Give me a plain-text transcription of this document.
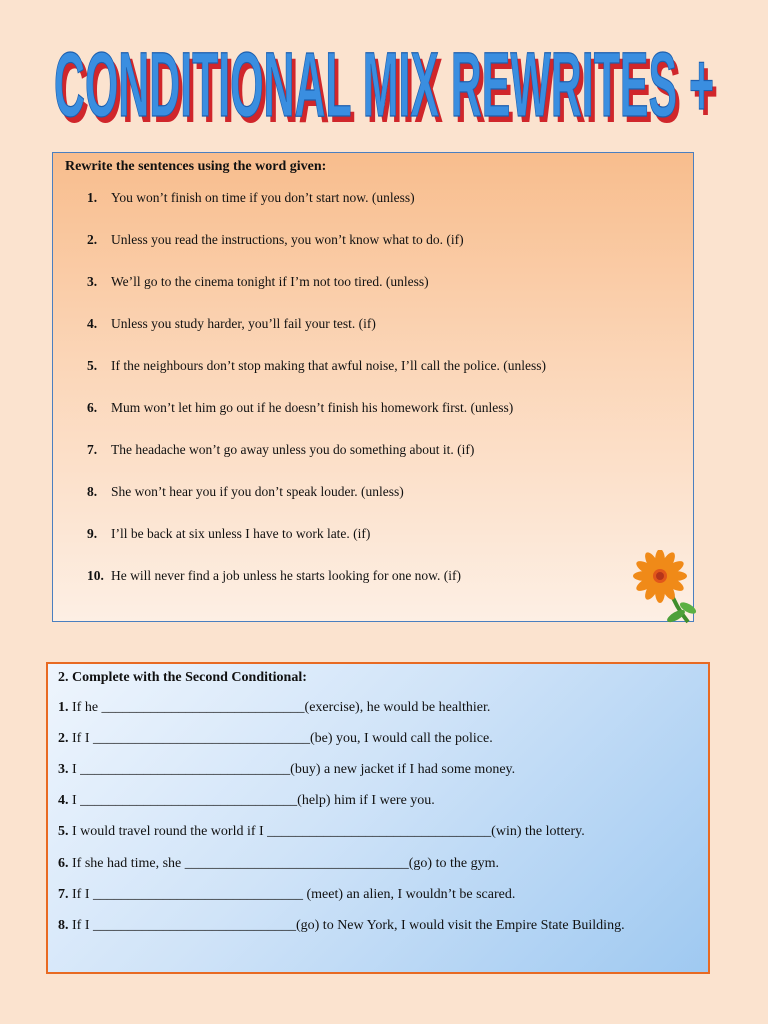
CONDITIONAL MIX REWRITES +
CONDITIONAL MIX REWRITES +
Rewrite the sentences using the word given:
1. You won’t finish on time if you don’t start now. (unless)
2. Unless you read the instructions, you won’t know what to do. (if)
3. We’ll go to the cinema tonight if I’m not too tired. (unless)
4. Unless you study harder, you’ll fail your test. (if)
5. If the neighbours don’t stop making that awful noise, I’ll call the police. (unless)
6. Mum won’t let him go out if he doesn’t finish his homework first. (unless)
7. The headache won’t go away unless you do something about it. (if)
8. She won’t hear you if you don’t speak louder. (unless)
9. I’ll be back at six unless I have to work late. (if)
10. He will never find a job unless he starts looking for one now. (if)
2. Complete with the Second Conditional:
1. If he _____________________________(exercise), he would be healthier.
2. If I _______________________________(be) you, I would call the police.
3. I ______________________________(buy) a new jacket if I had some money.
4. I _______________________________(help) him if I were you.
5. I would travel round the world if I ________________________________(win) the lottery.
6. If she had time, she ________________________________(go) to the gym.
7. If I ______________________________ (meet) an alien, I wouldn’t be scared.
8. If I _____________________________(go) to New York, I would visit the Empire State Building.
